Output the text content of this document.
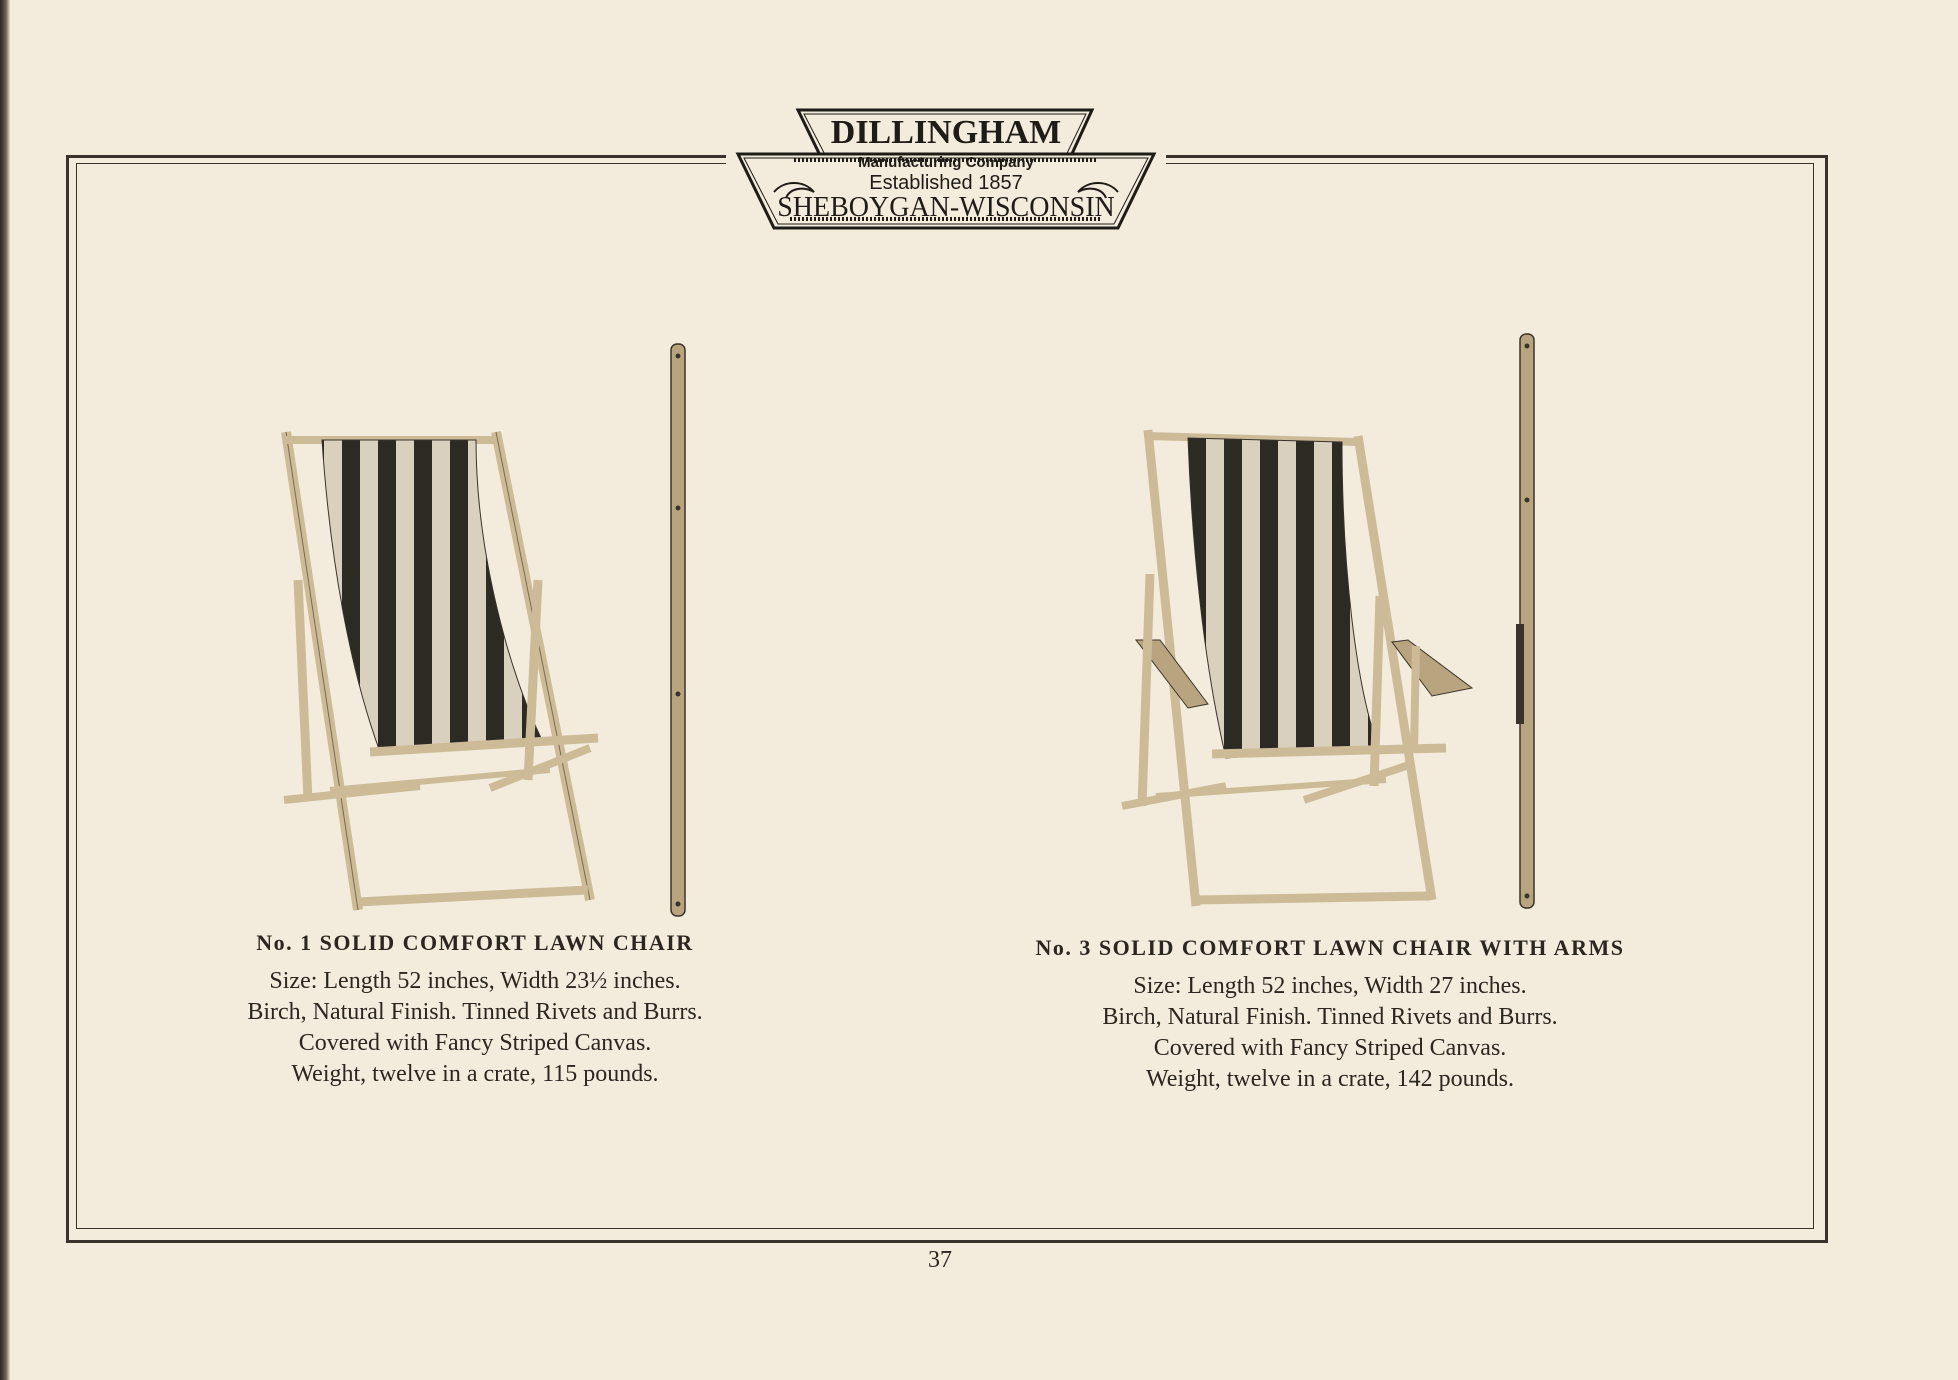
DILLINGHAM
Manufacturing Company
Established 1857
SHEBOYGAN-WISCONSIN
No. 1 SOLID COMFORT LAWN CHAIR
Size: Length 52 inches, Width 23½ inches.
Birch, Natural Finish. Tinned Rivets and Burrs.
Covered with Fancy Striped Canvas.
Weight, twelve in a crate, 115 pounds.
No. 3 SOLID COMFORT LAWN CHAIR WITH ARMS
Size: Length 52 inches, Width 27 inches.
Birch, Natural Finish. Tinned Rivets and Burrs.
Covered with Fancy Striped Canvas.
Weight, twelve in a crate, 142 pounds.
37
